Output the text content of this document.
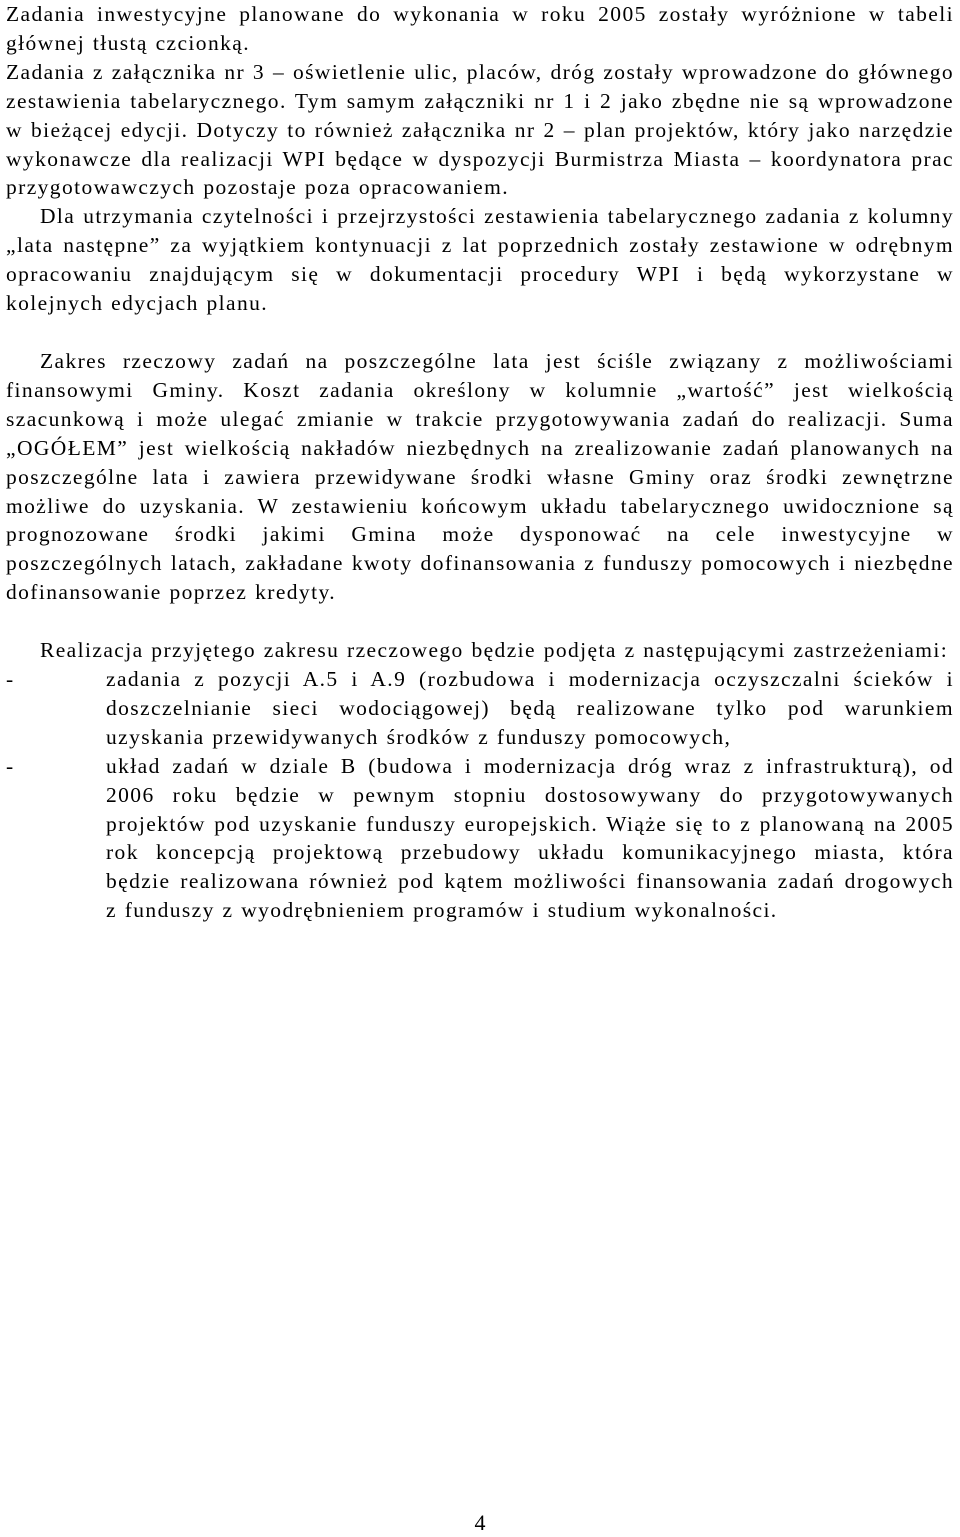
Zadania inwestycyjne planowane do wykonania w roku 2005 zostały wyróżnione w tabeli głównej tłustą czcionką.

Zadania z załącznika nr 3 – oświetlenie ulic, placów, dróg zostały wprowadzone do głównego zestawienia tabelarycznego. Tym samym załączniki nr 1 i 2 jako zbędne nie są wprowadzone w bieżącej edycji. Dotyczy to również załącznika nr 2 – plan projektów, który jako narzędzie wykonawcze dla realizacji WPI będące w dyspozycji Burmistrza Miasta – koordynatora prac przygotowawczych pozostaje poza opracowaniem.

Dla utrzymania czytelności i przejrzystości zestawienia tabelarycznego zadania z kolumny „lata następne” za wyjątkiem kontynuacji z lat poprzednich zostały zestawione w odrębnym opracowaniu znajdującym się w dokumentacji procedury WPI i będą wykorzystane w kolejnych edycjach planu.

Zakres rzeczowy zadań na poszczególne lata jest ściśle związany z możliwościami finansowymi Gminy. Koszt zadania określony w kolumnie „wartość” jest wielkością szacunkową i może ulegać zmianie w trakcie przygotowywania zadań do realizacji. Suma „OGÓŁEM” jest wielkością nakładów niezbędnych na zrealizowanie zadań planowanych na poszczególne lata i zawiera przewidywane środki własne Gminy oraz środki zewnętrzne możliwe do uzyskania. W zestawieniu końcowym układu tabelarycznego uwidocznione są prognozowane środki jakimi Gmina może dysponować na cele inwestycyjne w poszczególnych latach, zakładane kwoty dofinansowania z funduszy pomocowych i niezbędne dofinansowanie poprzez kredyty.

Realizacja przyjętego zakresu rzeczowego będzie podjęta z następującymi zastrzeżeniami:

-	zadania z pozycji A.5 i A.9 (rozbudowa i modernizacja oczyszczalni ścieków i doszczelnianie sieci wodociągowej) będą realizowane tylko pod warunkiem uzyskania przewidywanych środków z funduszy pomocowych,
-	układ zadań w dziale B (budowa i modernizacja dróg wraz z infrastrukturą), od 2006 roku będzie w pewnym stopniu dostosowywany do przygotowywanych projektów pod uzyskanie funduszy europejskich. Wiąże się to z planowaną na 2005 rok koncepcją projektową przebudowy układu komunikacyjnego miasta, która będzie realizowana również pod kątem możliwości finansowania zadań drogowych z funduszy z wyodrębnieniem programów i studium wykonalności.
4
